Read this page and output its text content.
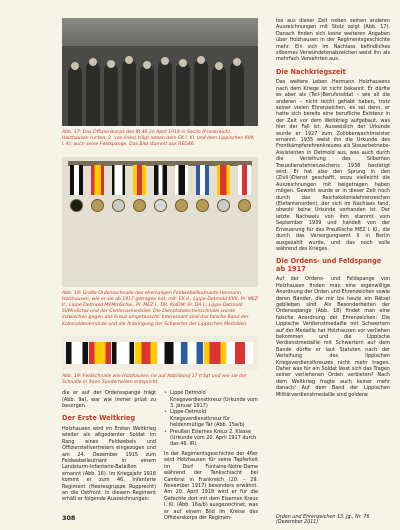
Abb. 17: Das Offizierskorps des IR 46 im April 1918 in Seclin (Frankreich). Holzhausen (unten, 2. von links) trägt neben dem EK I. Kl. und dem Lippischen KVK I. Kl. auch seine Feldspange. Das Bild stammt aus REG46.

Abb. 18: Große Ordensschnalle des ehemaligen Feldwebelleutnants Hermann Holzhausen, wie er sie ab 1917 getragen hat, mit: EK II., Lippe-Detmold KVK; Pr. MEZ II., Lippe-Detmold MVMmSchw., Pr. MEZ I., DR. KolDM; Pr. DA I.; Lippe-Detmold SVMmSchw und der Centenarmedaille. Die Dienstabzeichenschnalle wurde inzwischen gegen das Kreuz umgetauscht. Interessant sind das falsche Band der Kolonialdenkmünze und die Anbringung der Schwerter der Lippischen Medaillen.

Abb. 19: Feldschnalle wie Holzhausen sie auf Abbildung 17 trägt und wie sie der Schnalle in ihren Sonderheiten entspricht.

die er auf der Ordensspange trägt (Abb. 9a), war wie immer prüst zu besorgen.
Der Erste Weltkrieg
Holzhausen wird im Ersten Weltkrieg wieder als altgedienter Soldat im Rang eines Feldwebels und Offizierstellvertreters eingezogen und am 24. Dezember 1915 zum Feldwebelleutnant in einem Landsturm-Infanterie-Bataillon ernannt (Abb. 16). Im Kriegsjahr 1918 kommt er zum 46. Infanterie Regiment (Heeresgruppe Rupprecht) an die Ostfront. In diesem Regiment erhält er folgende Auszeichnungen:
• Lippe Detmold Kriegsverdienstkreuz (Urkunde vom 3. Januar 1917)
• Lippe-Detmold Kriegsverdienstkreuz für heldenmütige Tat (Abb. 15a/b)
• Preußen Eisernes Kreuz 2. Klasse (Urkunde vom 20. April 1917 durch das 46. IR).
In der Regimentsgeschichte der 46er wird Holzhausen für seine Tapferkeit im Dorf Fontaine-Notre-Dame während der Tankschlacht bei Cambrai in Frankreich (20. – 29. November 1917) besonders erwähnt. Am 20. April 1918 wird er für die Gefechte dort mit dem Eisernen Kreuz I. Kl. (Abb. 16a/b) ausgezeichnet, was er auf einem Bild im Kreise des Offizierskorps der Regimen-
tes aus dieser Zeit neben seinen anderen Auszeichnungen mit Stolz zeigt (Abb. 17). Danach finden sich keine weiteren Angaben über Holzhausen in der Regimentsgeschichte mehr. Ein sich im Nachlass befindliches silbernes Verwundetenabzeichen weist ihn als mehrfach Versehrten aus.
Die Nachkriegszeit
Das weitere Leben Hermann Holzhausens nach dem Kriege ist nicht bekannt. Er dürfte es aber als (Teil-)Berufssoldat – wie all die anderen – nicht leicht gehabt haben, trotz seiner vielen Ehrenzeichen, es sei denn, er hatte sich bereits eine berufliche Existenz in der Zeit vor dem Weltkrieg aufgebaut, was hier der Fall ist: Ausweislich der Urkunde wurde er 1927 zum Zolloberwachtmeister ernannt. 1935 weist ihn die Urkunde des Frontkämpferehrenkreuzes als Steuerbetriebs-Assistenten in Detmold aus, was auch durch die Verleihung des Silbernen Treuedienstehrenzeichens 1938 bestätigt wird. Er hat also den Sprung in den (Zivil-)Dienst geschafft, wozu vielleicht die Auszeichnungen mit beigetragen haben mögen. Gewirkt wurde er in dieser Zeit noch durch das Reichskolonialehrenzeichen (Elefantenorden), der sich im Nachlass fand, obwohl keine Urkunde vorhanden ist. Der letzte Nachweis von ihm stammt vom September 1939 und handelt von der Erneuerung für das Preußische MEZ I. Kl., die durch das Versorgungsamt II in Berlin ausgezahlt wurde, und das noch volle während des Krieges.
Die Ordens- und Feldspange ab 1917
Auf der Ordens- und Feldspange von Holzhausen finden man eine eigenwillige Anordnung der Orden und Ehrenzeichen sowie deren Bänder, die mir bis heute ein Rätsel geblieben sind. Als Besonderheiten der Ordensspange (Abb. 18) findet man eine falsche Anordnung der Ehrenzeichen: Die Lippische Verdienstmedaille mit Schwertern auf der Medaille hat Holzhausen vor verliehen bekommen und die Lippische Verdienstmedaille mit Schwertern auf dem Bande dürfte er laut Statuten nach der Verleihung des lippischen Kriegsverdienstkreuzes nicht mehr tragen. Daher was für ein Soldat lässt sich das Tragen seiner verliehenen Orden verbieten? Nach dem Weltkrieg fragte auch keiner mehr danach! Auf dem Band der Lippischen Militärverdienstmedaille sind goldene
308	Orden und Ehrenzeichen 13. Jg., Nr. 76 (Dezember 2011)
